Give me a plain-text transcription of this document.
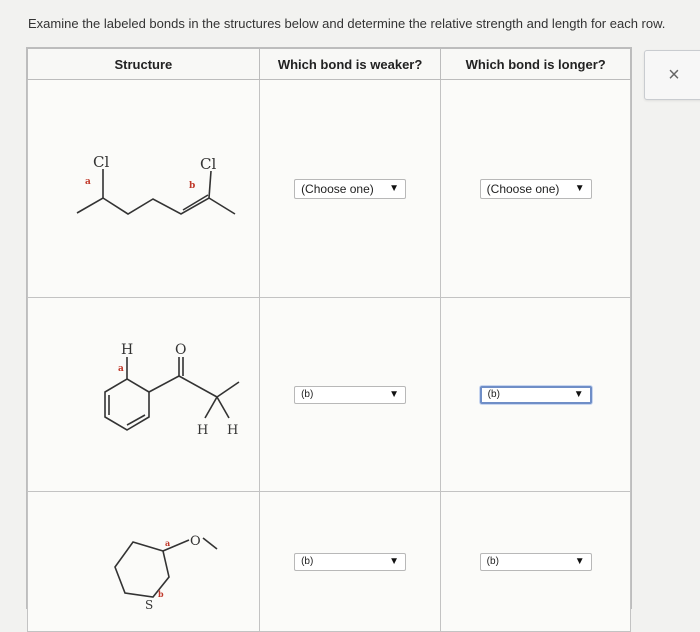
Examine the labeled bonds in the structures below and determine the relative strength and length for each row.
×
Structure	Which bond is weaker?	Which bond is longer?

Cl Cl
a b	(Choose one) ▼	(Choose one) ▼

H O
H H
a	(b) ▼	(b) ▼

O
S
a
b	(b) ▼	(b) ▼
